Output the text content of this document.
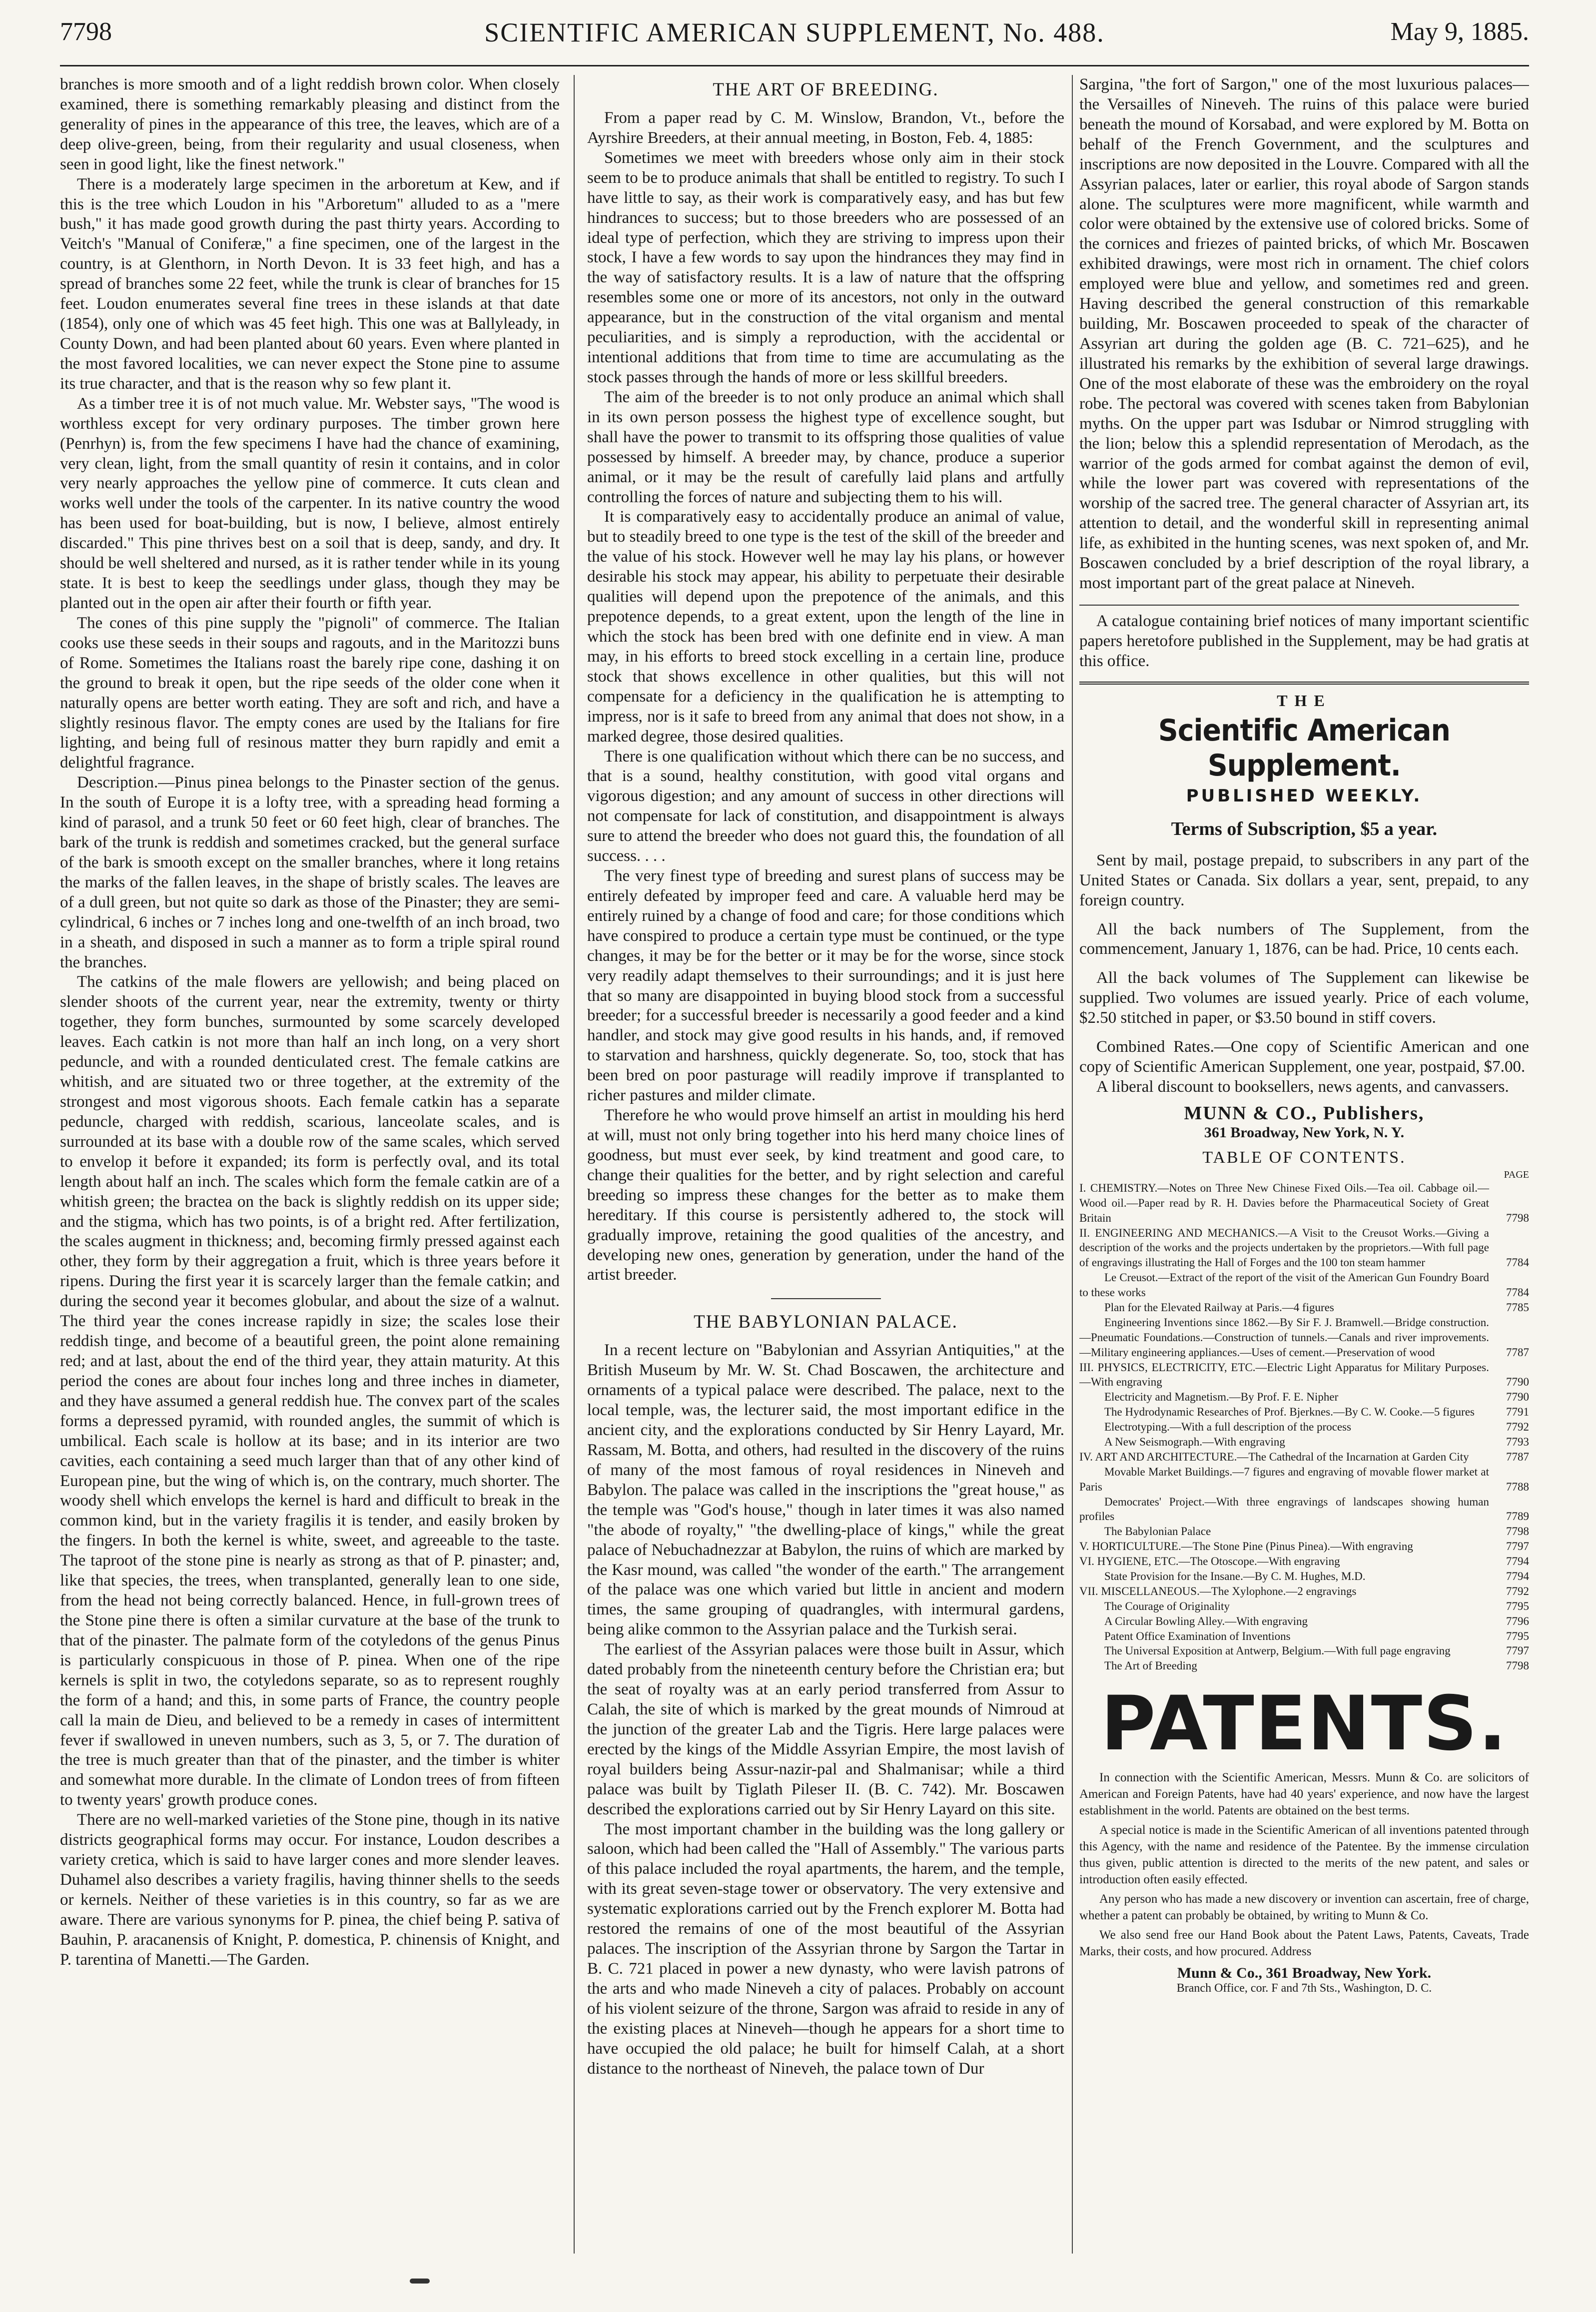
7798	SCIENTIFIC AMERICAN SUPPLEMENT, No. 488.	May 9, 1885.

branches is more smooth and of a light reddish brown color. When closely examined, there is something remarkably pleasing and distinct from the generality of pines in the appearance of this tree, the leaves, which are of a deep olive-green, being, from their regularity and usual closeness, when seen in good light, like the finest network."

There is a moderately large specimen in the arboretum at Kew, and if this is the tree which Loudon in his "Arboretum" alluded to as a "mere bush," it has made good growth during the past thirty years. According to Veitch's "Manual of Coniferæ," a fine specimen, one of the largest in the country, is at Glenthorn, in North Devon. It is 33 feet high, and has a spread of branches some 22 feet, while the trunk is clear of branches for 15 feet. Loudon enumerates several fine trees in these islands at that date (1854), only one of which was 45 feet high. This one was at Ballyleady, in County Down, and had been planted about 60 years. Even where planted in the most favored localities, we can never expect the Stone pine to assume its true character, and that is the reason why so few plant it.

As a timber tree it is of not much value. Mr. Webster says, "The wood is worthless except for very ordinary purposes. The timber grown here (Penrhyn) is, from the few specimens I have had the chance of examining, very clean, light, from the small quantity of resin it contains, and in color very nearly approaches the yellow pine of commerce. It cuts clean and works well under the tools of the carpenter. In its native country the wood has been used for boat-building, but is now, I believe, almost entirely discarded." This pine thrives best on a soil that is deep, sandy, and dry. It should be well sheltered and nursed, as it is rather tender while in its young state. It is best to keep the seedlings under glass, though they may be planted out in the open air after their fourth or fifth year.

The cones of this pine supply the "pignoli" of commerce. The Italian cooks use these seeds in their soups and ragouts, and in the Maritozzi buns of Rome. Sometimes the Italians roast the barely ripe cone, dashing it on the ground to break it open, but the ripe seeds of the older cone when it naturally opens are better worth eating. They are soft and rich, and have a slightly resinous flavor. The empty cones are used by the Italians for fire lighting, and being full of resinous matter they burn rapidly and emit a delightful fragrance.

Description.—Pinus pinea belongs to the Pinaster section of the genus. In the south of Europe it is a lofty tree, with a spreading head forming a kind of parasol, and a trunk 50 feet or 60 feet high, clear of branches. The bark of the trunk is reddish and sometimes cracked, but the general surface of the bark is smooth except on the smaller branches, where it long retains the marks of the fallen leaves, in the shape of bristly scales. The leaves are of a dull green, but not quite so dark as those of the Pinaster; they are semi-cylindrical, 6 inches or 7 inches long and one-twelfth of an inch broad, two in a sheath, and disposed in such a manner as to form a triple spiral round the branches.

The catkins of the male flowers are yellowish; and being placed on slender shoots of the current year, near the extremity, twenty or thirty together, they form bunches, surmounted by some scarcely developed leaves. Each catkin is not more than half an inch long, on a very short peduncle, and with a rounded denticulated crest. The female catkins are whitish, and are situated two or three together, at the extremity of the strongest and most vigorous shoots. Each female catkin has a separate peduncle, charged with reddish, scarious, lanceolate scales, and is surrounded at its base with a double row of the same scales, which served to envelop it before it expanded; its form is perfectly oval, and its total length about half an inch. The scales which form the female catkin are of a whitish green; the bractea on the back is slightly reddish on its upper side; and the stigma, which has two points, is of a bright red. After fertilization, the scales augment in thickness; and, becoming firmly pressed against each other, they form by their aggregation a fruit, which is three years before it ripens. During the first year it is scarcely larger than the female catkin; and during the second year it becomes globular, and about the size of a walnut. The third year the cones increase rapidly in size; the scales lose their reddish tinge, and become of a beautiful green, the point alone remaining red; and at last, about the end of the third year, they attain maturity. At this period the cones are about four inches long and three inches in diameter, and they have assumed a general reddish hue. The convex part of the scales forms a depressed pyramid, with rounded angles, the summit of which is umbilical. Each scale is hollow at its base; and in its interior are two cavities, each containing a seed much larger than that of any other kind of European pine, but the wing of which is, on the contrary, much shorter. The woody shell which envelops the kernel is hard and difficult to break in the common kind, but in the variety fragilis it is tender, and easily broken by the fingers. In both the kernel is white, sweet, and agreeable to the taste. The taproot of the stone pine is nearly as strong as that of P. pinaster; and, like that species, the trees, when transplanted, generally lean to one side, from the head not being correctly balanced. Hence, in full-grown trees of the Stone pine there is often a similar curvature at the base of the trunk to that of the pinaster. The palmate form of the cotyledons of the genus Pinus is particularly conspicuous in those of P. pinea. When one of the ripe kernels is split in two, the cotyledons separate, so as to represent roughly the form of a hand; and this, in some parts of France, the country people call la main de Dieu, and believed to be a remedy in cases of intermittent fever if swallowed in uneven numbers, such as 3, 5, or 7. The duration of the tree is much greater than that of the pinaster, and the timber is whiter and somewhat more durable. In the climate of London trees of from fifteen to twenty years' growth produce cones.

There are no well-marked varieties of the Stone pine, though in its native districts geographical forms may occur. For instance, Loudon describes a variety cretica, which is said to have larger cones and more slender leaves. Duhamel also describes a variety fragilis, having thinner shells to the seeds or kernels. Neither of these varieties is in this country, so far as we are aware. There are various synonyms for P. pinea, the chief being P. sativa of Bauhin, P. aracanensis of Knight, P. domestica, P. chinensis of Knight, and P. tarentina of Manetti.—The Garden.

THE ART OF BREEDING.

From a paper read by C. M. Winslow, Brandon, Vt., before the Ayrshire Breeders, at their annual meeting, in Boston, Feb. 4, 1885:

Sometimes we meet with breeders whose only aim in their stock seem to be to produce animals that shall be entitled to registry. To such I have little to say, as their work is comparatively easy, and has but few hindrances to success; but to those breeders who are possessed of an ideal type of perfection, which they are striving to impress upon their stock, I have a few words to say upon the hindrances they may find in the way of satisfactory results. It is a law of nature that the offspring resembles some one or more of its ancestors, not only in the outward appearance, but in the construction of the vital organism and mental peculiarities, and is simply a reproduction, with the accidental or intentional additions that from time to time are accumulating as the stock passes through the hands of more or less skillful breeders.

The aim of the breeder is to not only produce an animal which shall in its own person possess the highest type of excellence sought, but shall have the power to transmit to its offspring those qualities of value possessed by himself. A breeder may, by chance, produce a superior animal, or it may be the result of carefully laid plans and artfully controlling the forces of nature and subjecting them to his will.

It is comparatively easy to accidentally produce an animal of value, but to steadily breed to one type is the test of the skill of the breeder and the value of his stock. However well he may lay his plans, or however desirable his stock may appear, his ability to perpetuate their desirable qualities will depend upon the prepotence of the animals, and this prepotence depends, to a great extent, upon the length of the line in which the stock has been bred with one definite end in view. A man may, in his efforts to breed stock excelling in a certain line, produce stock that shows excellence in other qualities, but this will not compensate for a deficiency in the qualification he is attempting to impress, nor is it safe to breed from any animal that does not show, in a marked degree, those desired qualities.

There is one qualification without which there can be no success, and that is a sound, healthy constitution, with good vital organs and vigorous digestion; and any amount of success in other directions will not compensate for lack of constitution, and disappointment is always sure to attend the breeder who does not guard this, the foundation of all success. . . .

The very finest type of breeding and surest plans of success may be entirely defeated by improper feed and care. A valuable herd may be entirely ruined by a change of food and care; for those conditions which have conspired to produce a certain type must be continued, or the type changes, it may be for the better or it may be for the worse, since stock very readily adapt themselves to their surroundings; and it is just here that so many are disappointed in buying blood stock from a successful breeder; for a successful breeder is necessarily a good feeder and a kind handler, and stock may give good results in his hands, and, if removed to starvation and harshness, quickly degenerate. So, too, stock that has been bred on poor pasturage will readily improve if transplanted to richer pastures and milder climate.

Therefore he who would prove himself an artist in moulding his herd at will, must not only bring together into his herd many choice lines of goodness, but must ever seek, by kind treatment and good care, to change their qualities for the better, and by right selection and careful breeding so impress these changes for the better as to make them hereditary. If this course is persistently adhered to, the stock will gradually improve, retaining the good qualities of the ancestry, and developing new ones, generation by generation, under the hand of the artist breeder.

THE BABYLONIAN PALACE.

In a recent lecture on "Babylonian and Assyrian Antiquities," at the British Museum by Mr. W. St. Chad Boscawen, the architecture and ornaments of a typical palace were described. The palace, next to the local temple, was, the lecturer said, the most important edifice in the ancient city, and the explorations conducted by Sir Henry Layard, Mr. Rassam, M. Botta, and others, had resulted in the discovery of the ruins of many of the most famous of royal residences in Nineveh and Babylon. The palace was called in the inscriptions the "great house," as the temple was "God's house," though in later times it was also named "the abode of royalty," "the dwelling-place of kings," while the great palace of Nebuchadnezzar at Babylon, the ruins of which are marked by the Kasr mound, was called "the wonder of the earth." The arrangement of the palace was one which varied but little in ancient and modern times, the same grouping of quadrangles, with intermural gardens, being alike common to the Assyrian palace and the Turkish serai.

The earliest of the Assyrian palaces were those built in Assur, which dated probably from the nineteenth century before the Christian era; but the seat of royalty was at an early period transferred from Assur to Calah, the site of which is marked by the great mounds of Nimroud at the junction of the greater Lab and the Tigris. Here large palaces were erected by the kings of the Middle Assyrian Empire, the most lavish of royal builders being Assur-nazir-pal and Shalmanisar; while a third palace was built by Tiglath Pileser II. (B. C. 742). Mr. Boscawen described the explorations carried out by Sir Henry Layard on this site.

The most important chamber in the building was the long gallery or saloon, which had been called the "Hall of Assembly." The various parts of this palace included the royal apartments, the harem, and the temple, with its great seven-stage tower or observatory. The very extensive and systematic explorations carried out by the French explorer M. Botta had restored the remains of one of the most beautiful of the Assyrian palaces. The inscription of the Assyrian throne by Sargon the Tartar in B. C. 721 placed in power a new dynasty, who were lavish patrons of the arts and who made Nineveh a city of palaces. Probably on account of his violent seizure of the throne, Sargon was afraid to reside in any of the existing places at Nineveh—though he appears for a short time to have occupied the old palace; he built for himself Calah, at a short distance to the northeast of Nineveh, the palace town of Dur

Sargina, "the fort of Sargon," one of the most luxurious palaces—the Versailles of Nineveh. The ruins of this palace were buried beneath the mound of Korsabad, and were explored by M. Botta on behalf of the French Government, and the sculptures and inscriptions are now deposited in the Louvre. Compared with all the Assyrian palaces, later or earlier, this royal abode of Sargon stands alone. The sculptures were more magnificent, while warmth and color were obtained by the extensive use of colored bricks. Some of the cornices and friezes of painted bricks, of which Mr. Boscawen exhibited drawings, were most rich in ornament. The chief colors employed were blue and yellow, and sometimes red and green. Having described the general construction of this remarkable building, Mr. Boscawen proceeded to speak of the character of Assyrian art during the golden age (B. C. 721–625), and he illustrated his remarks by the exhibition of several large drawings. One of the most elaborate of these was the embroidery on the royal robe. The pectoral was covered with scenes taken from Babylonian myths. On the upper part was Isdubar or Nimrod struggling with the lion; below this a splendid representation of Merodach, as the warrior of the gods armed for combat against the demon of evil, while the lower part was covered with representations of the worship of the sacred tree. The general character of Assyrian art, its attention to detail, and the wonderful skill in representing animal life, as exhibited in the hunting scenes, was next spoken of, and Mr. Boscawen concluded by a brief description of the royal library, a most important part of the great palace at Nineveh.

A catalogue containing brief notices of many important scientific papers heretofore published in the Supplement, may be had gratis at this office.

THE
Scientific American Supplement.
PUBLISHED WEEKLY.
Terms of Subscription, $5 a year.

Sent by mail, postage prepaid, to subscribers in any part of the United States or Canada. Six dollars a year, sent, prepaid, to any foreign country.

All the back numbers of The Supplement, from the commencement, January 1, 1876, can be had. Price, 10 cents each.

All the back volumes of The Supplement can likewise be supplied. Two volumes are issued yearly. Price of each volume, $2.50 stitched in paper, or $3.50 bound in stiff covers.

Combined Rates.—One copy of Scientific American and one copy of Scientific American Supplement, one year, postpaid, $7.00.

A liberal discount to booksellers, news agents, and canvassers.

MUNN & CO., Publishers,
361 Broadway, New York, N. Y.
TABLE OF CONTENTS.
PAGE
I. CHEMISTRY.—Notes on Three New Chinese Fixed Oils.—Tea oil. Cabbage oil.—Wood oil.—Paper read by R. H. Davies before the Pharmaceutical Society of Great Britain	7798
II. ENGINEERING AND MECHANICS.—A Visit to the Creusot Works.—Giving a description of the works and the projects undertaken by the proprietors.—With full page of engravings illustrating the Hall of Forges and the 100 ton steam hammer	7784
Le Creusot.—Extract of the report of the visit of the American Gun Foundry Board to these works	7784
Plan for the Elevated Railway at Paris.—4 figures	7785
Engineering Inventions since 1862.—By Sir F. J. Bramwell.—Bridge construction.—Pneumatic Foundations.—Construction of tunnels.—Canals and river improvements.—Military engineering appliances.—Uses of cement.—Preservation of wood	7787
III. PHYSICS, ELECTRICITY, ETC.—Electric Light Apparatus for Military Purposes.—With engraving	7790
Electricity and Magnetism.—By Prof. F. E. Nipher	7790
The Hydrodynamic Researches of Prof. Bjerknes.—By C. W. Cooke.—5 figures	7791
Electrotyping.—With a full description of the process	7792
A New Seismograph.—With engraving	7793
IV. ART AND ARCHITECTURE.—The Cathedral of the Incarnation at Garden City	7787
Movable Market Buildings.—7 figures and engraving of movable flower market at Paris	7788
Democrates' Project.—With three engravings of landscapes showing human profiles	7789
The Babylonian Palace	7798
V. HORTICULTURE.—The Stone Pine (Pinus Pinea).—With engraving	7797
VI. HYGIENE, ETC.—The Otoscope.—With engraving	7794
State Provision for the Insane.—By C. M. Hughes, M.D.	7794
VII. MISCELLANEOUS.—The Xylophone.—2 engravings	7792
The Courage of Originality	7795
A Circular Bowling Alley.—With engraving	7796
Patent Office Examination of Inventions	7795
The Universal Exposition at Antwerp, Belgium.—With full page engraving	7797
The Art of Breeding	7798
PATENTS.

In connection with the Scientific American, Messrs. Munn & Co. are solicitors of American and Foreign Patents, have had 40 years' experience, and now have the largest establishment in the world. Patents are obtained on the best terms.

A special notice is made in the Scientific American of all inventions patented through this Agency, with the name and residence of the Patentee. By the immense circulation thus given, public attention is directed to the merits of the new patent, and sales or introduction often easily effected.

Any person who has made a new discovery or invention can ascertain, free of charge, whether a patent can probably be obtained, by writing to Munn & Co.

We also send free our Hand Book about the Patent Laws, Patents, Caveats, Trade Marks, their costs, and how procured. Address

Munn & Co., 361 Broadway, New York.
Branch Office, cor. F and 7th Sts., Washington, D. C.
